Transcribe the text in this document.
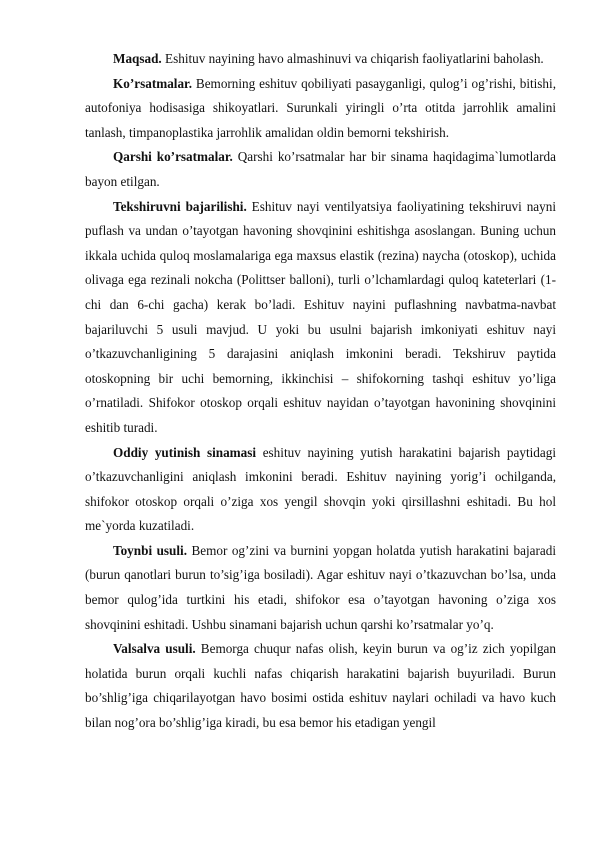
Maqsad. Eshituv nayining havo almashinuvi va chiqarish faoliyatlarini baholash.

Ko’rsatmalar. Bemorning eshituv qobiliyati pasayganligi, qulog’i og’rishi, bitishi, autofoniya hodisasiga shikoyatlari. Surunkali yiringli o’rta otitda jarrohlik amalini tanlash, timpanoplastika jarrohlik amalidan oldin bemorni tekshirish.

Qarshi ko’rsatmalar. Qarshi ko’rsatmalar har bir sinama haqidagima`lumotlarda bayon etilgan.

Tekshiruvni bajarilishi. Eshituv nayi ventilyatsiya faoliyatining tekshiruvi nayni puflash va undan o’tayotgan havoning shovqinini eshitishga asoslangan. Buning uchun ikkala uchida quloq moslamalariga ega maxsus elastik (rezina) naycha (otoskop), uchida olivaga ega rezinali nokcha (Polittser balloni), turli o’lchamlardagi quloq kateterlari (1-chi dan 6-chi gacha) kerak bo’ladi. Eshituv nayini puflashning navbatma-navbat bajariluvchi 5 usuli mavjud. U yoki bu usulni bajarish imkoniyati eshituv nayi o’tkazuvchanligining 5 darajasini aniqlash imkonini beradi. Tekshiruv paytida otoskopning bir uchi bemorning, ikkinchisi – shifokorning tashqi eshituv yo’liga o’rnatiladi. Shifokor otoskop orqali eshituv nayidan o’tayotgan havonining shovqinini eshitib turadi.

Oddiy yutinish sinamasi eshituv nayining yutish harakatini bajarish paytidagi o’tkazuvchanligini aniqlash imkonini beradi. Eshituv nayining yorig’i ochilganda, shifokor otoskop orqali o’ziga xos yengil shovqin yoki qirsillashni eshitadi. Bu hol me`yorda kuzatiladi.

Toynbi usuli. Bemor og’zini va burnini yopgan holatda yutish harakatini bajaradi (burun qanotlari burun to’sig’iga bosiladi). Agar eshituv nayi o’tkazuvchan bo’lsa, unda bemor qulog’ida turtkini his etadi, shifokor esa o’tayotgan havoning o’ziga xos shovqinini eshitadi. Ushbu sinamani bajarish uchun qarshi ko’rsatmalar yo’q.

Valsalva usuli. Bemorga chuqur nafas olish, keyin burun va og’iz zich yopilgan holatida burun orqali kuchli nafas chiqarish harakatini bajarish buyuriladi. Burun bo’shlig’iga chiqarilayotgan havo bosimi ostida eshituv naylari ochiladi va havo kuch bilan nog’ora bo’shlig’iga kiradi, bu esa bemor his etadigan yengil
